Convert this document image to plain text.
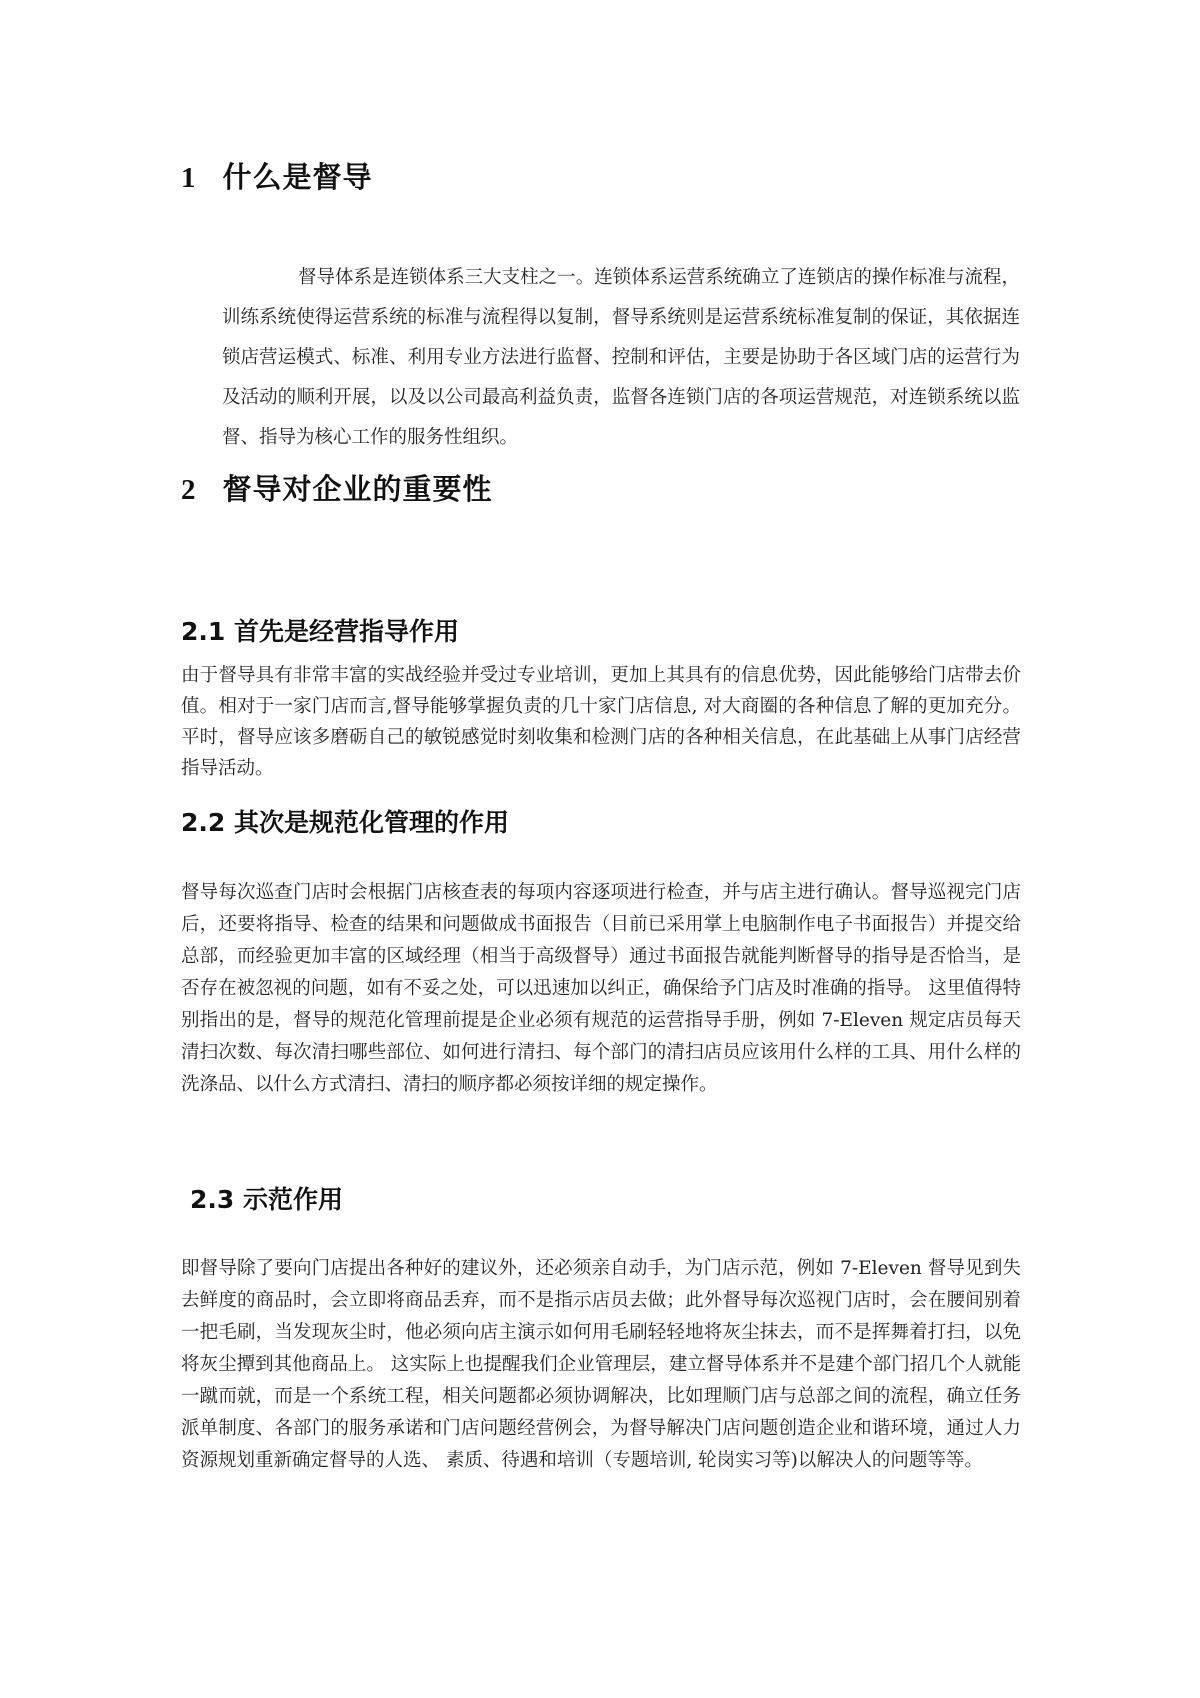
1 什么是督导

督导体系是连锁体系三大支柱之一。连锁体系运营系统确立了连锁店的操作标准与流程，训练系统使得运营系统的标准与流程得以复制，督导系统则是运营系统标准复制的保证，其依据连锁店营运模式、标准、利用专业方法进行监督、控制和评估，主要是协助于各区域门店的运营行为及活动的顺利开展，以及以公司最高利益负责，监督各连锁门店的各项运营规范，对连锁系统以监督、指导为核心工作的服务性组织。

2 督导对企业的重要性
2.1 首先是经营指导作用

由于督导具有非常丰富的实战经验并受过专业培训，更加上其具有的信息优势，因此能够给门店带去价值。相对于一家门店而言,督导能够掌握负责的几十家门店信息, 对大商圈的各种信息了解的更加充分。平时，督导应该多磨砺自己的敏锐感觉时刻收集和检测门店的各种相关信息，在此基础上从事门店经营指导活动。

2.2 其次是规范化管理的作用

督导每次巡查门店时会根据门店核查表的每项内容逐项进行检查，并与店主进行确认。督导巡视完门店后，还要将指导、检查的结果和问题做成书面报告（目前已采用掌上电脑制作电子书面报告）并提交给总部，而经验更加丰富的区域经理（相当于高级督导）通过书面报告就能判断督导的指导是否恰当，是否存在被忽视的问题，如有不妥之处，可以迅速加以纠正，确保给予门店及时准确的指导。 这里值得特别指出的是，督导的规范化管理前提是企业必须有规范的运营指导手册，例如 7-Eleven 规定店员每天清扫次数、每次清扫哪些部位、如何进行清扫、每个部门的清扫店员应该用什么样的工具、用什么样的洗涤品、以什么方式清扫、清扫的顺序都必须按详细的规定操作。

2.3 示范作用

即督导除了要向门店提出各种好的建议外，还必须亲自动手，为门店示范，例如 7-Eleven 督导见到失去鲜度的商品时，会立即将商品丢弃，而不是指示店员去做；此外督导每次巡视门店时，会在腰间别着一把毛刷，当发现灰尘时，他必须向店主演示如何用毛刷轻轻地将灰尘抹去，而不是挥舞着打扫，以免将灰尘撢到其他商品上。 这实际上也提醒我们企业管理层，建立督导体系并不是建个部门招几个人就能一蹴而就，而是一个系统工程，相关问题都必须协调解决，比如理顺门店与总部之间的流程，确立任务派单制度、各部门的服务承诺和门店问题经营例会，为督导解决门店问题创造企业和谐环境，通过人力资源规划重新确定督导的人选、 素质、待遇和培训（专题培训, 轮岗实习等)以解决人的问题等等。
